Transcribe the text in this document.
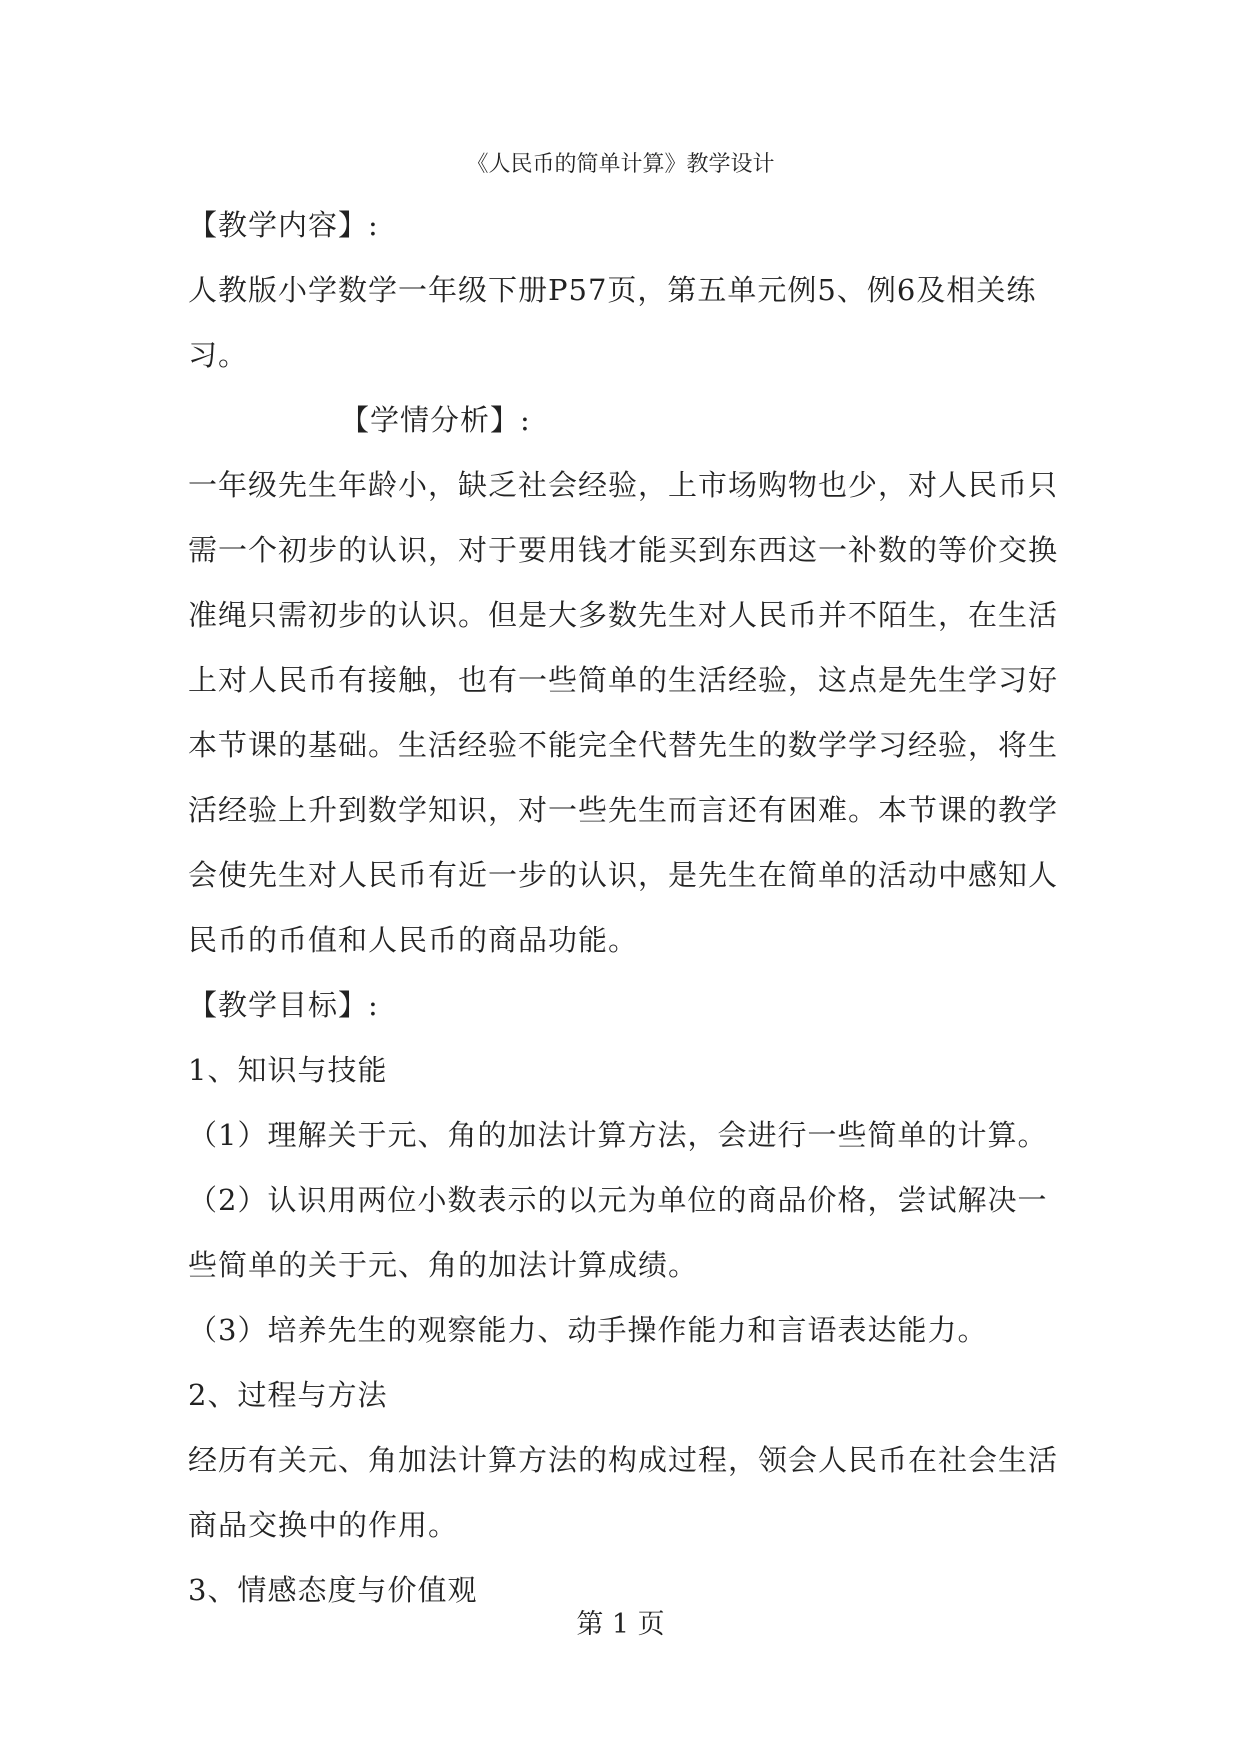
《人民币的简单计算》教学设计

【教学内容】:

人教版小学数学一年级下册P57页，第五单元例5、例6及相关练

习。

【学情分析】:

一年级先生年龄小，缺乏社会经验，上市场购物也少，对人民币只

需一个初步的认识，对于要用钱才能买到东西这一补数的等价交换

准绳只需初步的认识。但是大多数先生对人民币并不陌生，在生活

上对人民币有接触，也有一些简单的生活经验，这点是先生学习好

本节课的基础。生活经验不能完全代替先生的数学学习经验，将生

活经验上升到数学知识，对一些先生而言还有困难。本节课的教学

会使先生对人民币有近一步的认识，是先生在简单的活动中感知人

民币的币值和人民币的商品功能。

【教学目标】:

1、知识与技能

（1）理解关于元、角的加法计算方法，会进行一些简单的计算。

（2）认识用两位小数表示的以元为单位的商品价格，尝试解决一

些简单的关于元、角的加法计算成绩。

（3）培养先生的观察能力、动手操作能力和言语表达能力。

2、过程与方法

经历有关元、角加法计算方法的构成过程，领会人民币在社会生活

商品交换中的作用。

3、情感态度与价值观

第 1 页
